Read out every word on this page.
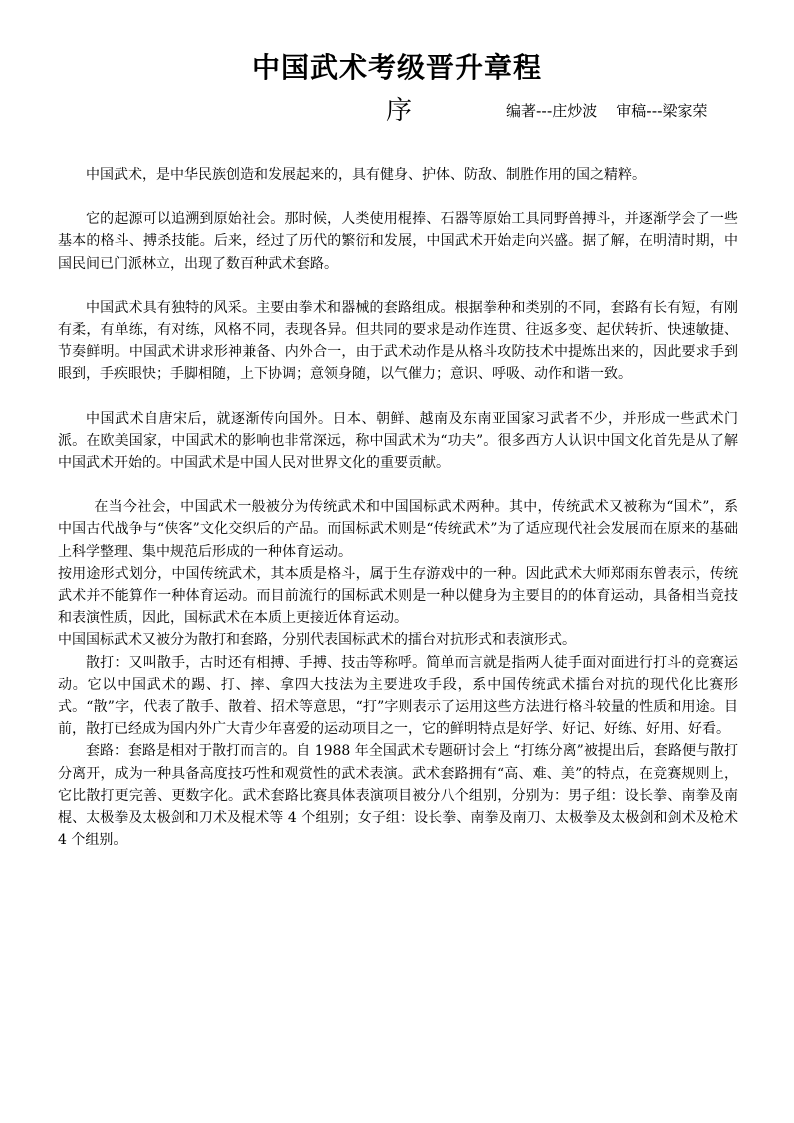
中国武术考级晋升章程
序	编著---庄炒波    审稿---梁家荣

中国武术，是中华民族创造和发展起来的，具有健身、护体、防敌、制胜作用的国之精粹。

它的起源可以追溯到原始社会。那时候，人类使用棍捧、石器等原始工具同野兽搏斗，并逐渐学会了一些基本的格斗、搏杀技能。后来，经过了历代的繁衍和发展，中国武术开始走向兴盛。据了解，在明清时期，中国民间已门派林立，出现了数百种武术套路。

中国武术具有独特的风采。主要由拳术和器械的套路组成。根据拳种和类别的不同，套路有长有短，有刚有柔，有单练，有对练，风格不同，表现各异。但共同的要求是动作连贯、往返多变、起伏转折、快速敏捷、节奏鲜明。中国武术讲求形神兼备、内外合一，由于武术动作是从格斗攻防技术中提炼出来的，因此要求手到眼到，手疾眼快；手脚相随，上下协调；意领身随，以气催力；意识、呼吸、动作和谐一致。

中国武术自唐宋后，就逐渐传向国外。日本、朝鲜、越南及东南亚国家习武者不少，并形成一些武术门派。在欧美国家，中国武术的影响也非常深远，称中国武术为“功夫”。很多西方人认识中国文化首先是从了解中国武术开始的。中国武术是中国人民对世界文化的重要贡献。

在当今社会，中国武术一般被分为传统武术和中国国标武术两种。其中，传统武术又被称为“国术”，系中国古代战争与“侠客”文化交织后的产品。而国标武术则是“传统武术”为了适应现代社会发展而在原来的基础上科学整理、集中规范后形成的一种体育运动。

按用途形式划分，中国传统武术，其本质是格斗，属于生存游戏中的一种。因此武术大师郑雨东曾表示，传统武术并不能算作一种体育运动。而目前流行的国标武术则是一种以健身为主要目的的体育运动，具备相当竞技和表演性质，因此，国标武术在本质上更接近体育运动。

中国国标武术又被分为散打和套路，分别代表国标武术的擂台对抗形式和表演形式。

散打：又叫散手，古时还有相搏、手搏、技击等称呼。简单而言就是指两人徒手面对面进行打斗的竞赛运动。它以中国武术的踢、打、摔、拿四大技法为主要进攻手段，系中国传统武术擂台对抗的现代化比赛形式。“散”字，代表了散手、散着、招术等意思，“打”字则表示了运用这些方法进行格斗较量的性质和用途。目前，散打已经成为国内外广大青少年喜爱的运动项目之一，它的鲜明特点是好学、好记、好练、好用、好看。

套路：套路是相对于散打而言的。自 1988 年全国武术专题研讨会上 “打练分离”被提出后，套路便与散打分离开，成为一种具备高度技巧性和观赏性的武术表演。武术套路拥有“高、难、美”的特点，在竞赛规则上，它比散打更完善、更数字化。武术套路比赛具体表演项目被分八个组别，分别为：男子组：设长拳、南拳及南棍、太极拳及太极剑和刀术及棍术等 4 个组别；女子组：设长拳、南拳及南刀、太极拳及太极剑和剑术及枪术 4 个组别。
